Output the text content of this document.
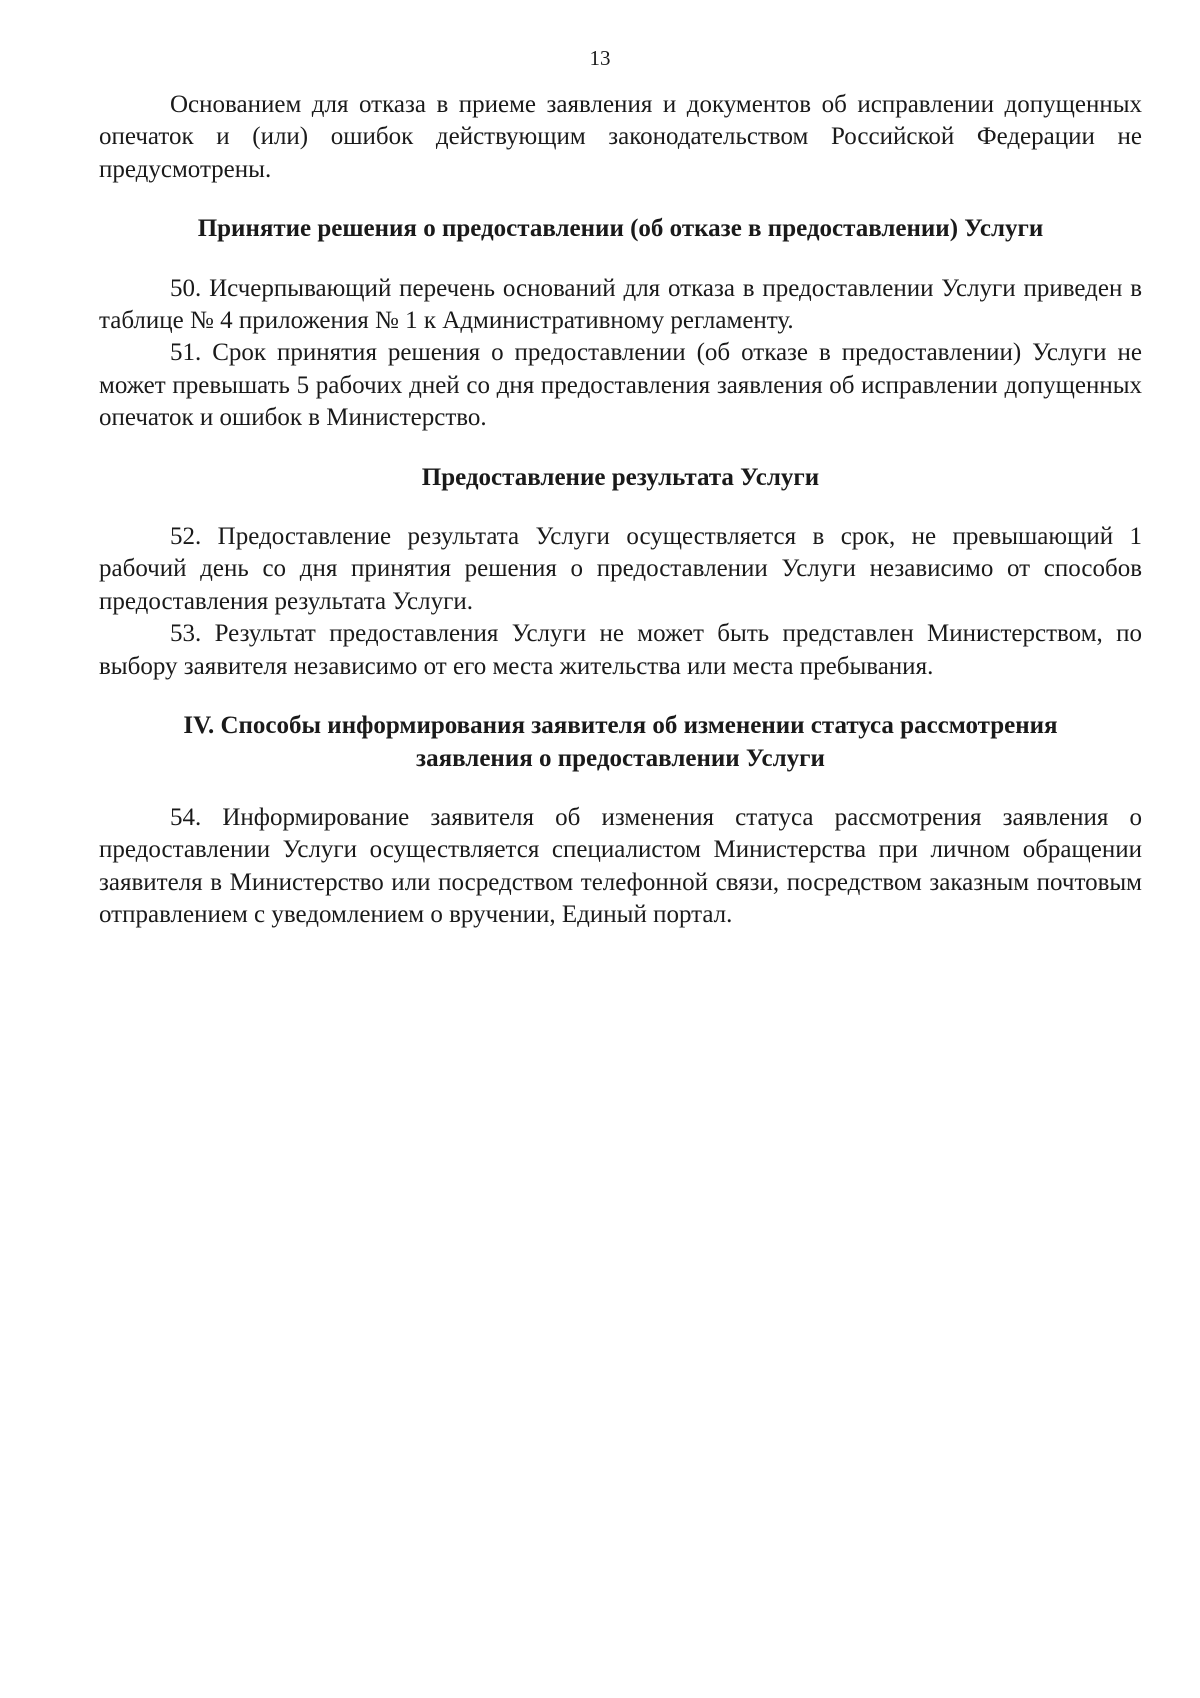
13

Основанием для отказа в приеме заявления и документов об исправлении допущенных опечаток и (или) ошибок действующим законодательством Российской Федерации не предусмотрены.

Принятие решения о предоставлении (об отказе в предоставлении) Услуги

50. Исчерпывающий перечень оснований для отказа в предоставлении Услуги приведен в таблице № 4 приложения № 1 к Административному регламенту.

51. Срок принятия решения о предоставлении (об отказе в предоставлении) Услуги не может превышать 5 рабочих дней со дня предоставления заявления об исправлении допущенных опечаток и ошибок в Министерство.

Предоставление результата Услуги

52. Предоставление результата Услуги осуществляется в срок, не превышающий 1 рабочий день со дня принятия решения о предоставлении Услуги независимо от способов предоставления результата Услуги.

53. Результат предоставления Услуги не может быть представлен Министерством, по выбору заявителя независимо от его места жительства или места пребывания.

IV. Способы информирования заявителя об изменении статуса рассмотрения
заявления о предоставлении Услуги

54. Информирование заявителя об изменения статуса рассмотрения заявления о предоставлении Услуги осуществляется специалистом Министерства при личном обращении заявителя в Министерство или посредством телефонной связи, посредством заказным почтовым отправлением с уведомлением о вручении, Единый портал.
